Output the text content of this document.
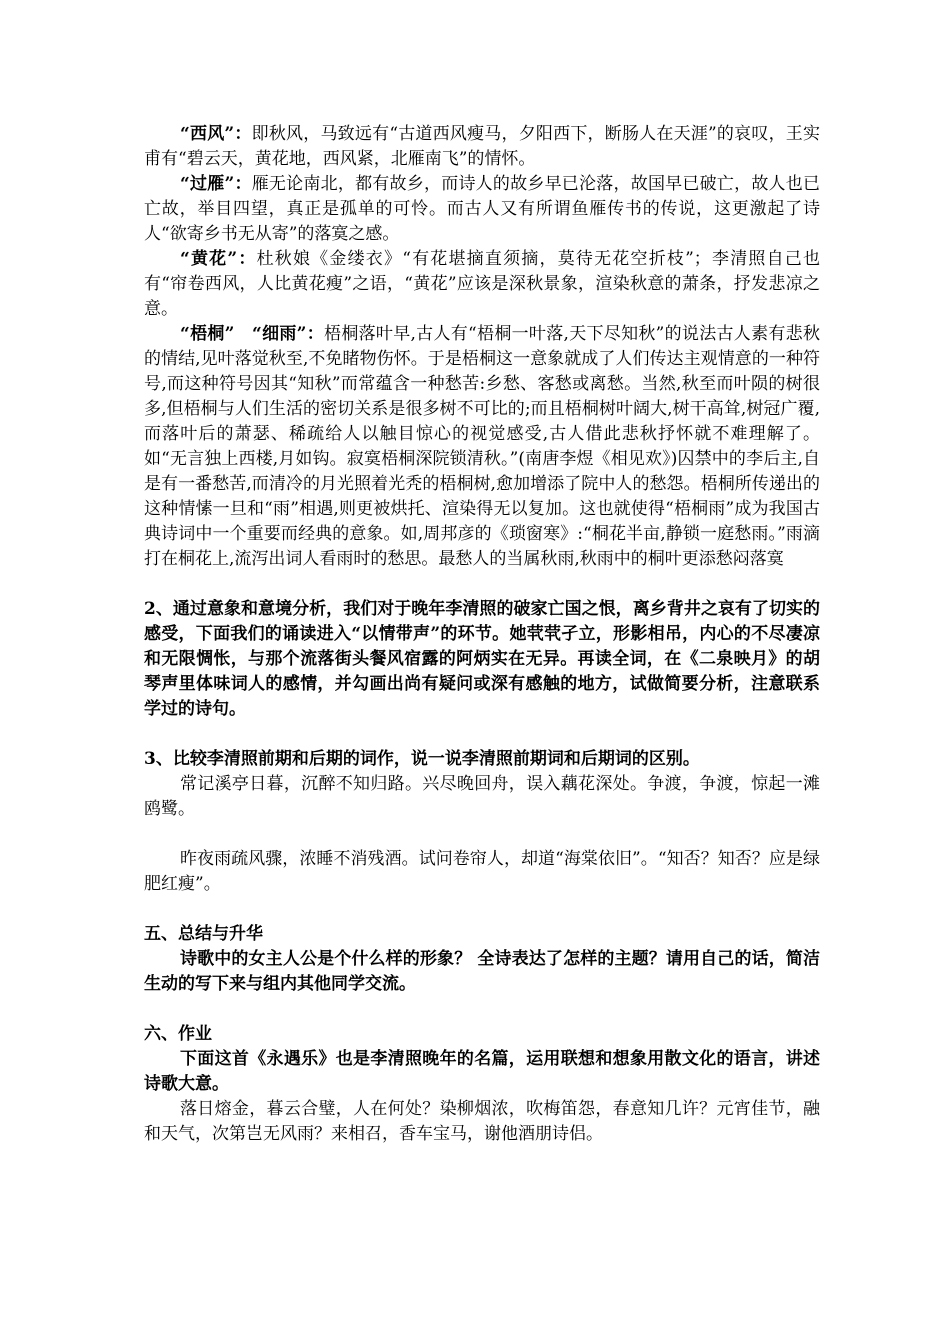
“西风”：即秋风，马致远有“古道西风瘦马，夕阳西下，断肠人在天涯”的哀叹，王实甫有“碧云天，黄花地，西风紧，北雁南飞”的情怀。

“过雁”：雁无论南北，都有故乡，而诗人的故乡早已沦落，故国早已破亡，故人也已亡故，举目四望，真正是孤单的可怜。而古人又有所谓鱼雁传书的传说，这更激起了诗人“欲寄乡书无从寄”的落寞之感。

“黄花”：杜秋娘《金缕衣》“有花堪摘直须摘，莫待无花空折枝”；李清照自己也有“帘卷西风，人比黄花瘦”之语，“黄花”应该是深秋景象，渲染秋意的萧条，抒发悲凉之意。

“梧桐”　“细雨”：梧桐落叶早,古人有“梧桐一叶落,天下尽知秋”的说法古人素有悲秋的情结,见叶落觉秋至,不免睹物伤怀。于是梧桐这一意象就成了人们传达主观情意的一种符号,而这种符号因其“知秋”而常蕴含一种愁苦:乡愁、客愁或离愁。当然,秋至而叶陨的树很多,但梧桐与人们生活的密切关系是很多树不可比的;而且梧桐树叶阔大,树干高耸,树冠广覆,而落叶后的萧瑟、稀疏给人以触目惊心的视觉感受,古人借此悲秋抒怀就不难理解了。如“无言独上西楼,月如钩。寂寞梧桐深院锁清秋。”(南唐李煜《相见欢》)囚禁中的李后主,自是有一番愁苦,而清冷的月光照着光秃的梧桐树,愈加增添了院中人的愁怨。梧桐所传递出的这种情愫一旦和“雨”相遇,则更被烘托、渲染得无以复加。这也就使得“梧桐雨”成为我国古典诗词中一个重要而经典的意象。如,周邦彦的《琐窗寒》:“桐花半亩,静锁一庭愁雨。”雨滴打在桐花上,流泻出词人看雨时的愁思。最愁人的当属秋雨,秋雨中的桐叶更添愁闷落寞

2、通过意象和意境分析，我们对于晚年李清照的破家亡国之恨，离乡背井之哀有了切实的感受，下面我们的诵读进入“以情带声”的环节。她茕茕孑立，形影相吊，内心的不尽凄凉和无限惆怅，与那个流落街头餐风宿露的阿炳实在无异。再读全词，在《二泉映月》的胡琴声里体味词人的感情，并勾画出尚有疑问或深有感触的地方，试做简要分析，注意联系学过的诗句。

3、比较李清照前期和后期的词作，说一说李清照前期词和后期词的区别。

常记溪亭日暮，沉醉不知归路。兴尽晚回舟，误入藕花深处。争渡，争渡，惊起一滩鸥鹭。

昨夜雨疏风骤，浓睡不消残酒。试问卷帘人，却道“海棠依旧”。“知否？知否？应是绿肥红瘦”。

五、总结与升华

诗歌中的女主人公是个什么样的形象？ 全诗表达了怎样的主题？请用自己的话，简洁生动的写下来与组内其他同学交流。

六、作业

下面这首《永遇乐》也是李清照晚年的名篇，运用联想和想象用散文化的语言，讲述诗歌大意。

落日熔金，暮云合璧，人在何处？染柳烟浓，吹梅笛怨，春意知几许？元宵佳节，融和天气，次第岂无风雨？来相召，香车宝马，谢他酒朋诗侣。
